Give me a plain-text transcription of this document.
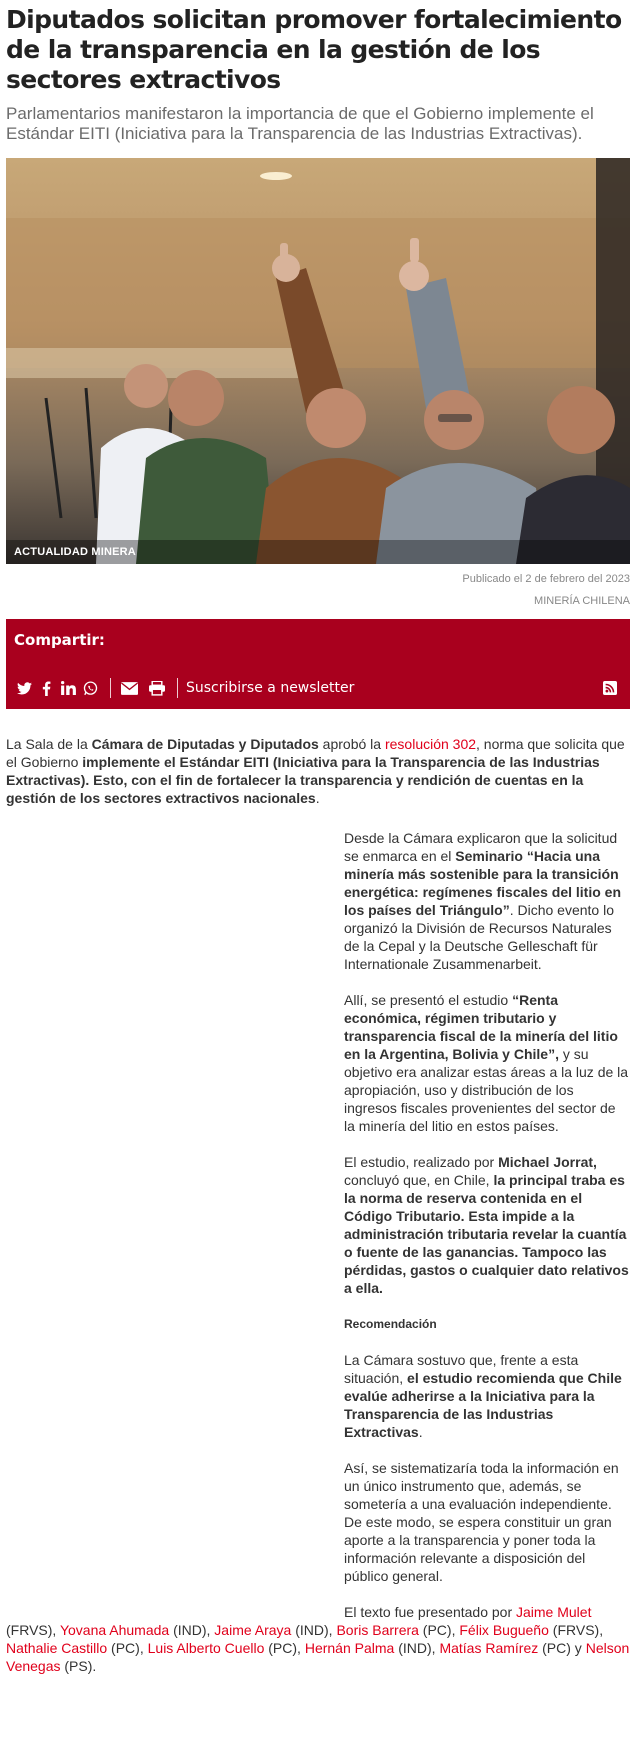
Diputados solicitan promover fortalecimiento de la transparencia en la gestión de los sectores extractivos

Parlamentarios manifestaron la importancia de que el Gobierno implemente el Estándar EITI (Iniciativa para la Transparencia de las Industrias Extractivas).

ACTUALIDAD MINERA
Publicado el 2 de febrero del 2023
MINERÍA CHILENA
Compartir:
Suscribirse a newsletter

La Sala de la Cámara de Diputadas y Diputados aprobó la resolución 302, norma que solicita que el Gobierno implemente el Estándar EITI (Iniciativa para la Transparencia de las Industrias Extractivas). Esto, con el fin de fortalecer la transparencia y rendición de cuentas en la gestión de los sectores extractivos nacionales.

Desde la Cámara explicaron que la solicitud se enmarca en el Seminario “Hacia una minería más sostenible para la transición energética: regímenes fiscales del litio en los países del Triángulo”. Dicho evento lo organizó la División de Recursos Naturales de la Cepal y la Deutsche Gelleschaft für Internationale Zusammenarbeit.

Allí, se presentó el estudio “Renta económica, régimen tributario y transparencia fiscal de la minería del litio en la Argentina, Bolivia y Chile”, y su objetivo era analizar estas áreas a la luz de la apropiación, uso y distribución de los ingresos fiscales provenientes del sector de la minería del litio en estos países.

El estudio, realizado por Michael Jorrat, concluyó que, en Chile, la principal traba es la norma de reserva contenida en el Código Tributario. Esta impide a la administración tributaria revelar la cuantía o fuente de las ganancias. Tampoco las pérdidas, gastos o cualquier dato relativos a ella.

Recomendación

La Cámara sostuvo que, frente a esta situación, el estudio recomienda que Chile evalúe adherirse a la Iniciativa para la Transparencia de las Industrias Extractivas.

Así, se sistematizaría toda la información en un único instrumento que, además, se sometería a una evaluación independiente. De este modo, se espera constituir un gran aporte a la transparencia y poner toda la información relevante a disposición del público general.

El texto fue presentado por Jaime Mulet (FRVS), Yovana Ahumada (IND), Jaime Araya (IND), Boris Barrera (PC), Félix Bugueño (FRVS), Nathalie Castillo (PC), Luis Alberto Cuello (PC), Hernán Palma (IND), Matías Ramírez (PC) y Nelson Venegas (PS).
